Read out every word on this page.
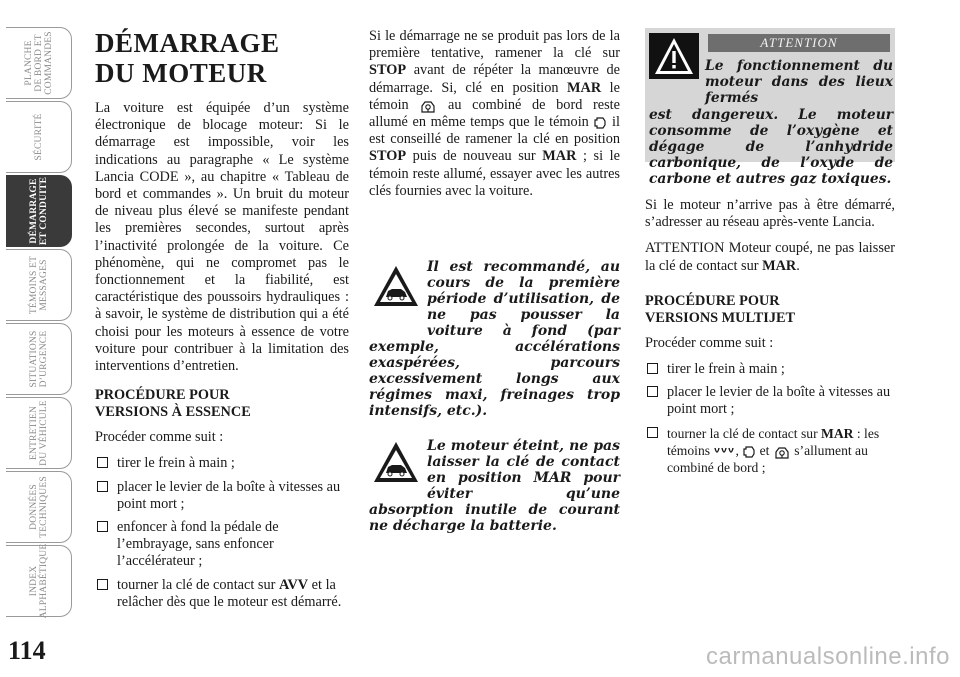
PLANCHE
DE BORD ET
COMMANDES
SÉCURITÉ
DÉMARRAGE
ET CONDUITE
TÉMOINS ET
MESSAGES
SITUATIONS
D’URGENCE
ENTRETIEN
DU VÉHICULE
DONNÉES
TECHNIQUES
INDEX
ALPHABÉTIQUE
114
DÉMARRAGE
DU MOTEUR

La voiture est équipée d’un système électronique de blocage moteur: Si le démarrage est impossible, voir les indications au paragraphe « Le système Lancia CODE », au chapitre « Tableau de bord et commandes ». Un bruit du moteur de niveau plus élevé se manifeste pendant les premières secondes, surtout après l’inactivité prolongée de la voiture. Ce phénomène, qui ne compromet pas le fonctionnement et la fiabilité, est caractéristique des poussoirs hydrauliques : à savoir, le système de distribution qui a été choisi pour les moteurs à essence de votre voiture pour contribuer à la limitation des interventions d’entretien.

PROCÉDURE POUR
VERSIONS À ESSENCE

Procéder comme suit :

tirer le frein à main ;
placer le levier de la boîte à vitesses au point mort ;
enfoncer à fond la pédale de l’embrayage, sans enfoncer l’accélérateur ;
tourner la clé de contact sur AVV et la relâcher dès que le moteur est démarré.

Si le démarrage ne se produit pas lors de la première tentative, ramener la clé sur STOP avant de répéter la manœuvre de démarrage. Si, clé en position MAR le témoin  au combiné de bord reste allumé en même temps que le témoin  il est conseillé de ramener la clé en position STOP puis de nouveau sur MAR ; si le témoin reste allumé, essayer avec les autres clés fournies avec la voiture.

Il est recommandé, au cours de la première période d’utilisation, de ne pas pousser la voiture à fond (par exemple, accélérations exaspérées, parcours excessivement longs aux régimes maxi, freinages trop intensifs, etc.).
Le moteur éteint, ne pas laisser la clé de contact en position MAR pour éviter qu’une absorption inutile de courant ne décharge la batterie.
ATTENTION
Le fonctionnement du moteur dans des lieux fermés
est dangereux. Le moteur consomme de l’oxygène et dégage de l’anhydride carbonique, de l’oxyde de carbone et autres gaz toxiques.

Si le moteur n’arrive pas à être démarré, s’adresser au réseau après-vente Lancia.

ATTENTION Moteur coupé, ne pas laisser la clé de contact sur MAR.

PROCÉDURE POUR
VERSIONS MULTIJET

Procéder comme suit :

tirer le frein à main ;
placer le levier de la boîte à vitesses au point mort ;
tourner la clé de contact sur MAR : les témoins ,  et  s’allument au combiné de bord ;
carmanualsonline.info
